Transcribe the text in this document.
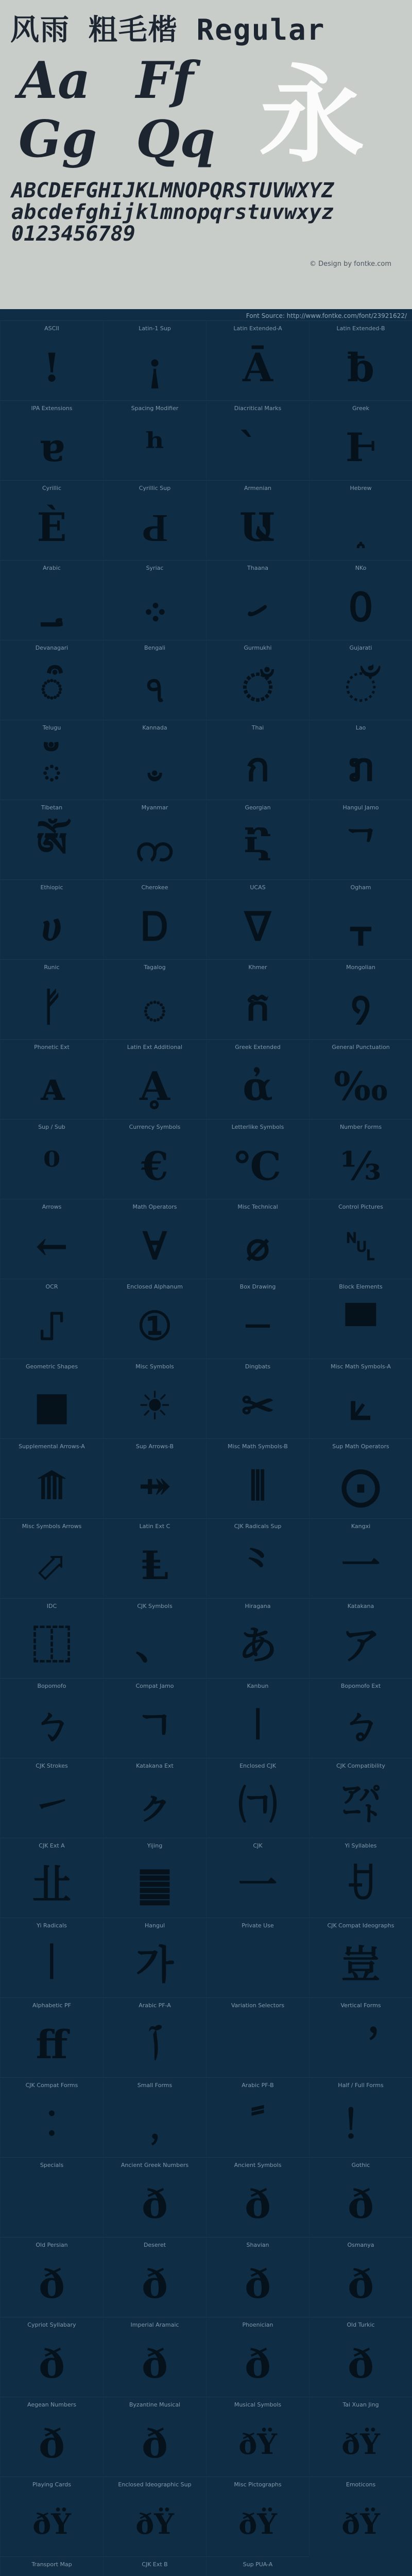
风雨 粗毛楷 Regular
Aa Ff
Gg Qq 永
ABCDEFGHIJKLMNOPQRSTUVWXYZ
abcdefghijklmnopqrstuvwxyz
0123456789
© Design by fontke.com
Font Source: http://www.fontke.com/font/23921622/
ASCII
!
Latin-1 Sup
¡
Latin Extended-A
Ā
Latin Extended-B
ƀ
IPA Extensions
ɐ
Spacing Modifier
ʰ
Diacritical Marks	Greek
Ͱ
Cyrillic
Ѐ
Cyrillic Sup
Ԁ
Armenian
Ա
Hebrew
Arabic
؀
Syriac
܀
Thaana
ހ
NKo
߀
Devanagari
ऀ
Bengali
ঀ
Gurmukhi
ਁ
Gujarati
ઁ
Telugu
ఀ
Kannada
ಀ
Thai
ก
Lao
ກ
Tibetan
ༀ
Myanmar
က
Georgian
Ⴀ
Hangul Jamo
ᄀ
Ethiopic
ሀ
Cherokee
Ꭰ
UCAS
ᐁ
Ogham
ᚁ
Runic
ᚠ
Tagalog
ᜀ
Khmer
ក
Mongolian
᠀
Phonetic Ext
ᴀ
Latin Ext Additional
Ḁ
Greek Extended
ἀ
General Punctuation
‰
Sup / Sub
⁰
Currency Symbols
€
Letterlike Symbols
℃
Number Forms
⅓
Arrows
←
Math Operators
∀
Misc Technical
⌀
Control Pictures
␀
OCR
⑀
Enclosed Alphanum
①
Box Drawing
─
Block Elements
▀
Geometric Shapes
■
Misc Symbols
☀
Dingbats
✂
Misc Math Symbols-A
⟀
Supplemental Arrows-A
⟰
Sup Arrows-B
⤀
Misc Math Symbols-B
⦀
Sup Math Operators
⨀
Misc Symbols Arrows
⬀
Latin Ext C
Ⱡ
CJK Radicals Sup
⺀
Kangxi
⼀
IDC
⿰
CJK Symbols
、
Hiragana
あ
Katakana
ア
Bopomofo
ㄅ
Compat Jamo
ㄱ
Kanbun
㆐
Bopomofo Ext
ㆠ
CJK Strokes
㇀
Katakana Ext
ㇰ
Enclosed CJK
㈀
CJK Compatibility
㌀
CJK Ext A
㐀
Yijing
䷀
CJK
一
Yi Syllables
ꀀ
Yi Radicals
꒐
Hangul
가
Private Use	CJK Compat Ideographs
豈
Alphabetic PF
ﬀ
Arabic PF-A
ﭐ
Variation Selectors	Vertical Forms
︐
CJK Compat Forms
︰
Small Forms
﹐
Arabic PF-B
ﹰ
Half / Full Forms
！
Specials	Ancient Greek Numbers
ð
Ancient Symbols
ð
Gothic
ð
Old Persian
ð
Deseret
ð
Shavian
ð
Osmanya
ð
Cypriot Syllabary
ð
Imperial Aramaic
ð
Phoenician
ð
Old Turkic
ð
Aegean Numbers
ð
Byzantine Musical
ð
Musical Symbols
ðŸ
Tai Xuan Jing
ðŸ
Playing Cards
ðŸ
Enclosed Ideographic Sup
ðŸ
Misc Pictographs
ðŸ
Emoticons
ðŸ
Transport Map	CJK Ext B	Sup PUA-A
